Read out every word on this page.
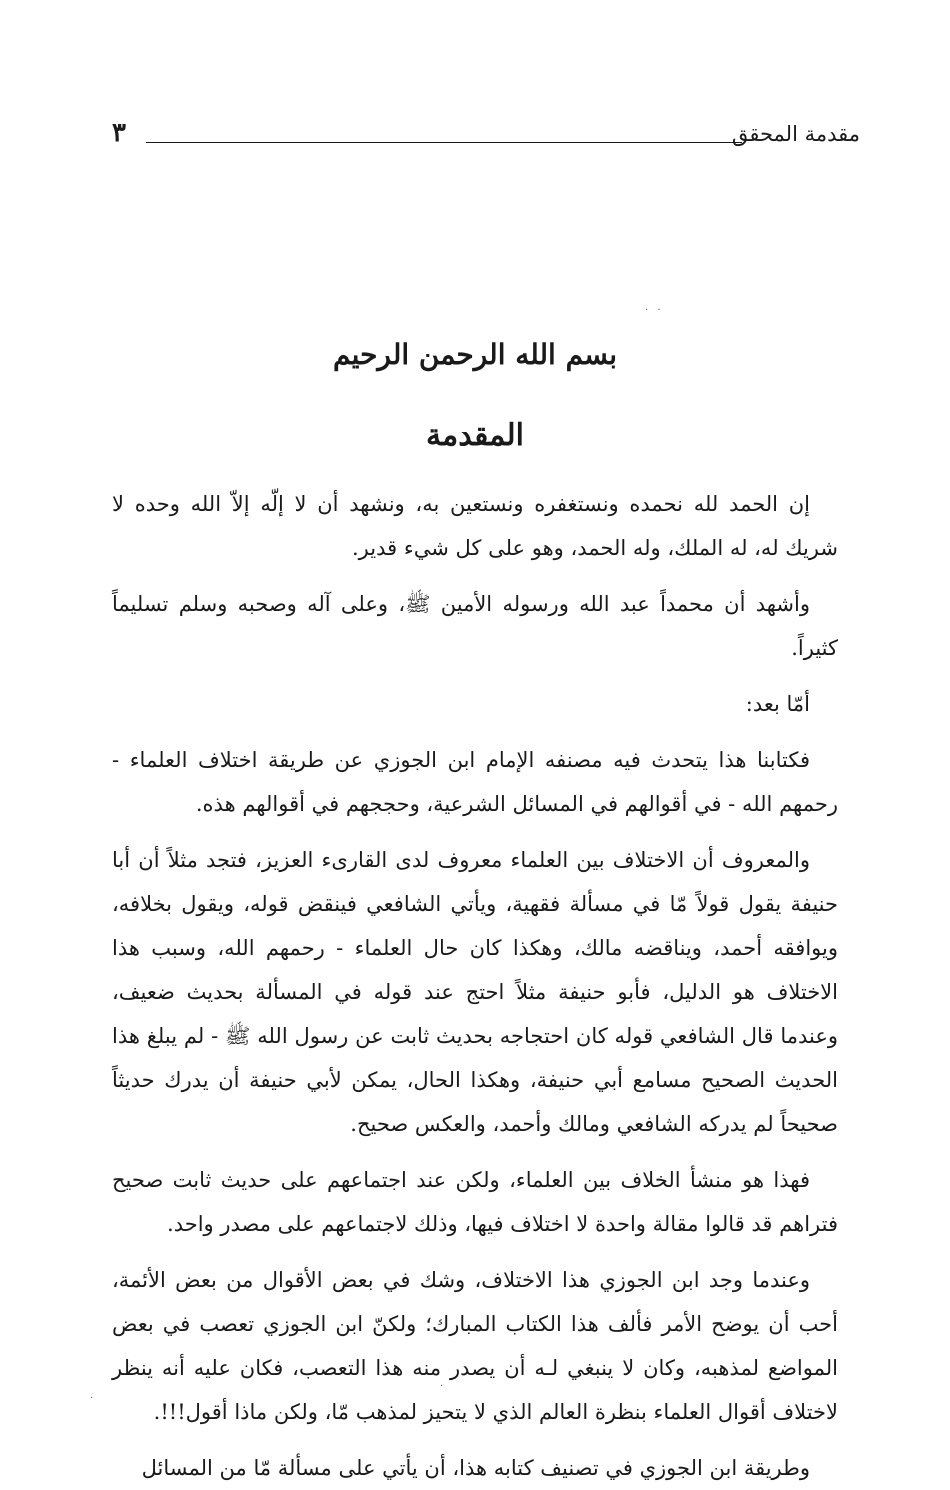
مقدمة المحقق
٣
. .
بسم الله الرحمن الرحيم
المقدمة

إن الحمد لله نحمده ونستغفره ونستعين به، ونشهد أن لا إلّه إلاّ الله وحده لا شريك له، له الملك، وله الحمد، وهو على كل شيء قدير.

وأشهد أن محمداً عبد الله ورسوله الأمين ﷺ، وعلى آله وصحبه وسلم تسليماً كثيراً.

أمّا بعد:

فكتابنا هذا يتحدث فيه مصنفه الإمام ابن الجوزي عن طريقة اختلاف العلماء - رحمهم الله - في أقوالهم في المسائل الشرعية، وحججهم في أقوالهم هذه.

والمعروف أن الاختلاف بين العلماء معروف لدى القارىء العزيز، فتجد مثلاً أن أبا حنيفة يقول قولاً مّا في مسألة فقهية، ويأتي الشافعي فينقض قوله، ويقول بخلافه، ويوافقه أحمد، ويناقضه مالك، وهكذا كان حال العلماء - رحمهم الله، وسبب هذا الاختلاف هو الدليل، فأبو حنيفة مثلاً احتج عند قوله في المسألة بحديث ضعيف، وعندما قال الشافعي قوله كان احتجاجه بحديث ثابت عن رسول الله ﷺ - لم يبلغ هذا الحديث الصحيح مسامع أبي حنيفة، وهكذا الحال، يمكن لأبي حنيفة أن يدرك حديثاً صحيحاً لم يدركه الشافعي ومالك وأحمد، والعكس صحيح.

فهذا هو منشأ الخلاف بين العلماء، ولكن عند اجتماعهم على حديث ثابت صحيح فتراهم قد قالوا مقالة واحدة لا اختلاف فيها، وذلك لاجتماعهم على مصدر واحد.

وعندما وجد ابن الجوزي هذا الاختلاف، وشك في بعض الأقوال من بعض الأئمة، أحب أن يوضح الأمر فألف هذا الكتاب المبارك؛ ولكنّ ابن الجوزي تعصب في بعض المواضع لمذهبه، وكان لا ينبغي لـه أن يصدر منه هذا التعصب، فكان عليه أنه ينظر لاختلاف أقوال العلماء بنظرة العالم الذي لا يتحيز لمذهب مّا، ولكن ماذا أقول!!!.

وطريقة ابن الجوزي في تصنيف كتابه هذا، أن يأتي على مسألة مّا من المسائل

.
.
